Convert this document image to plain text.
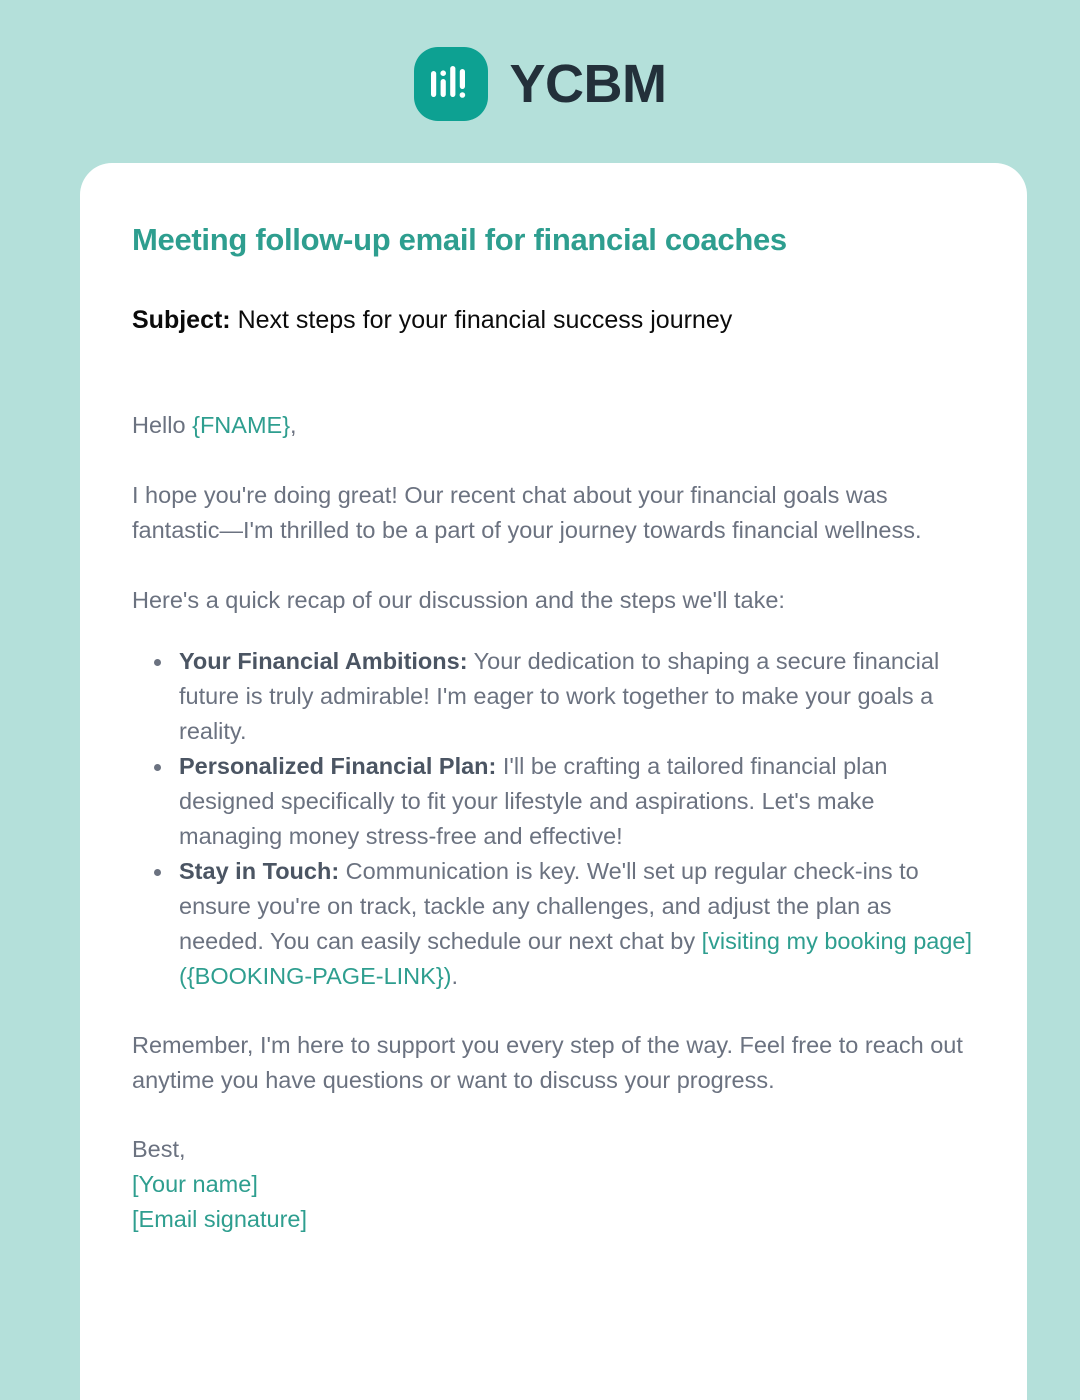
YCBM
Meeting follow-up email for financial coaches

Subject: Next steps for your financial success journey

Hello {FNAME},

I hope you're doing great! Our recent chat about your financial goals was fantastic—I'm thrilled to be a part of your journey towards financial wellness.

Here's a quick recap of our discussion and the steps we'll take:

Your Financial Ambitions: Your dedication to shaping a secure financial future is truly admirable! I'm eager to work together to make your goals a reality.
Personalized Financial Plan: I'll be crafting a tailored financial plan designed specifically to fit your lifestyle and aspirations. Let's make managing money stress-free and effective!
Stay in Touch: Communication is key. We'll set up regular check-ins to ensure you're on track, tackle any challenges, and adjust the plan as needed. You can easily schedule our next chat by [visiting my booking page]({BOOKING-PAGE-LINK}).

Remember, I'm here to support you every step of the way. Feel free to reach out anytime you have questions or want to discuss your progress.

Best,
[Your name]
[Email signature]
